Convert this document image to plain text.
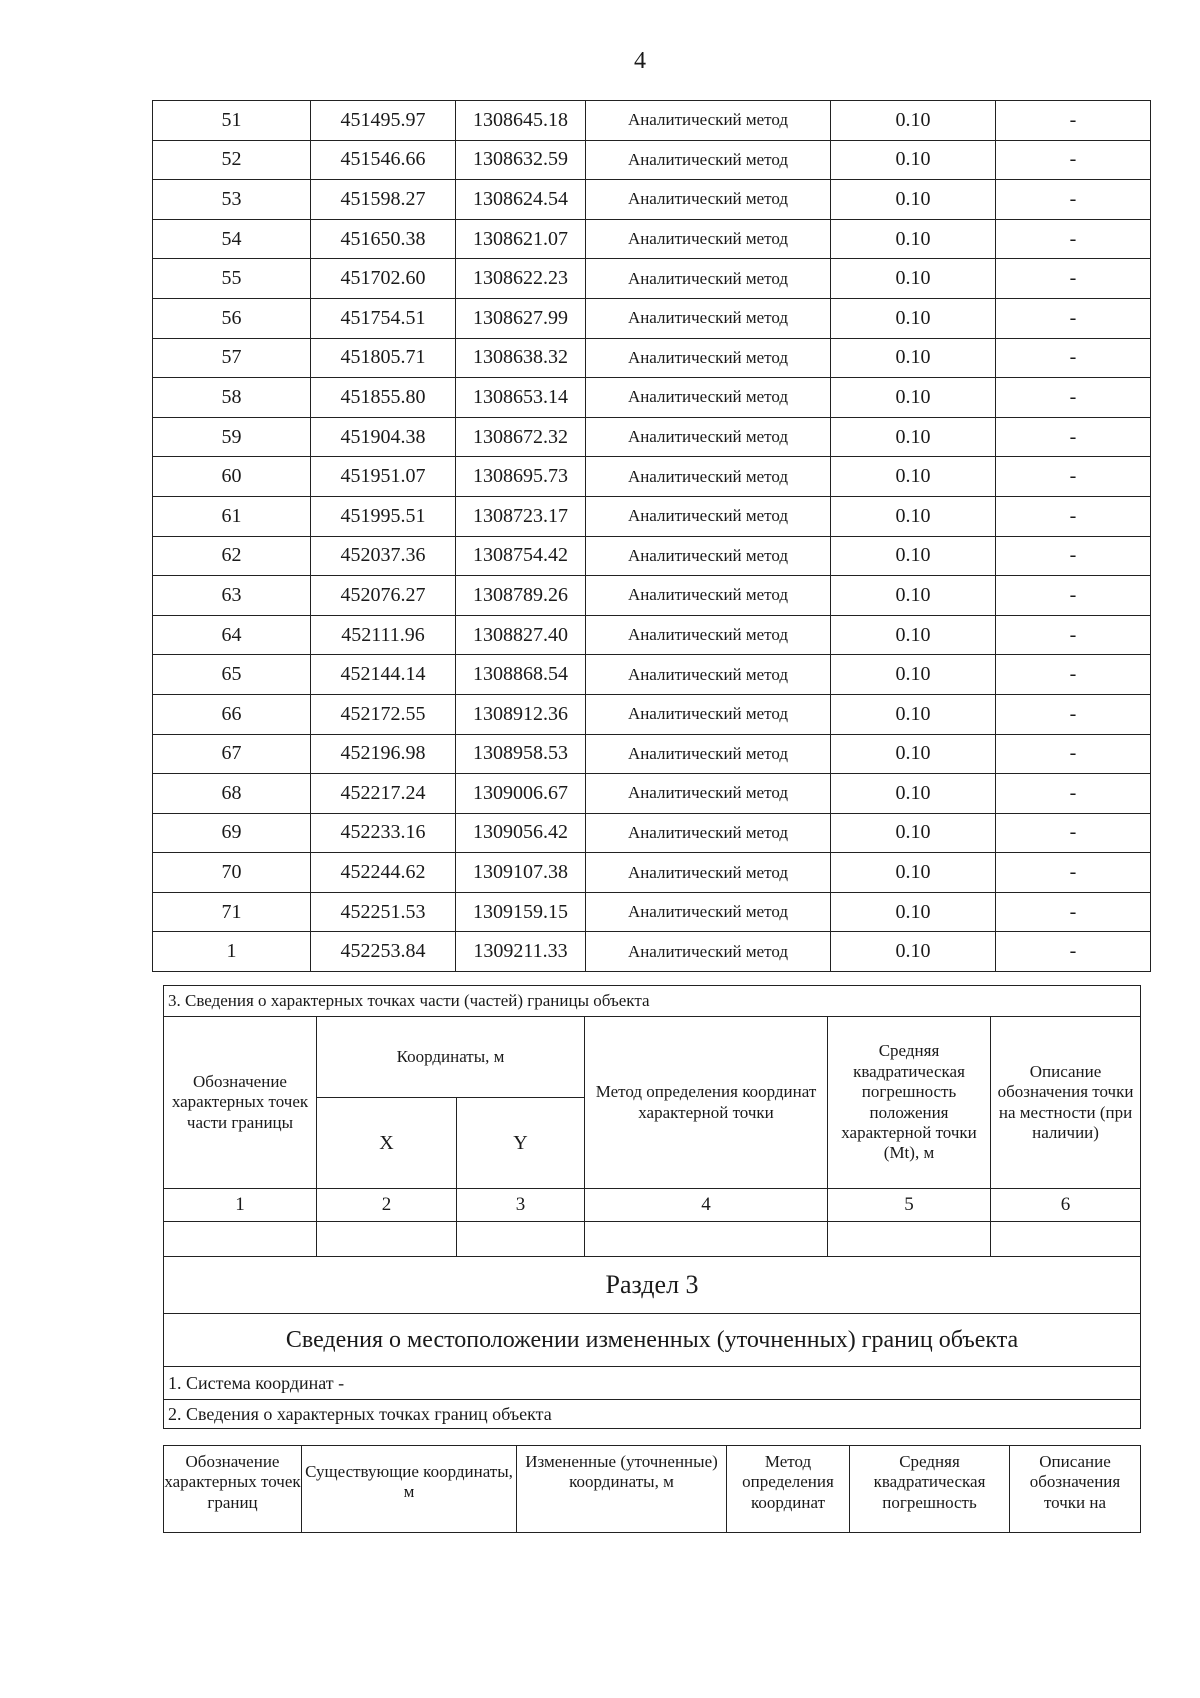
4
51	451495.97	1308645.18	Аналитический метод	0.10	-
52	451546.66	1308632.59	Аналитический метод	0.10	-
53	451598.27	1308624.54	Аналитический метод	0.10	-
54	451650.38	1308621.07	Аналитический метод	0.10	-
55	451702.60	1308622.23	Аналитический метод	0.10	-
56	451754.51	1308627.99	Аналитический метод	0.10	-
57	451805.71	1308638.32	Аналитический метод	0.10	-
58	451855.80	1308653.14	Аналитический метод	0.10	-
59	451904.38	1308672.32	Аналитический метод	0.10	-
60	451951.07	1308695.73	Аналитический метод	0.10	-
61	451995.51	1308723.17	Аналитический метод	0.10	-
62	452037.36	1308754.42	Аналитический метод	0.10	-
63	452076.27	1308789.26	Аналитический метод	0.10	-
64	452111.96	1308827.40	Аналитический метод	0.10	-
65	452144.14	1308868.54	Аналитический метод	0.10	-
66	452172.55	1308912.36	Аналитический метод	0.10	-
67	452196.98	1308958.53	Аналитический метод	0.10	-
68	452217.24	1309006.67	Аналитический метод	0.10	-
69	452233.16	1309056.42	Аналитический метод	0.10	-
70	452244.62	1309107.38	Аналитический метод	0.10	-
71	452251.53	1309159.15	Аналитический метод	0.10	-
1	452253.84	1309211.33	Аналитический метод	0.10	-
3. Сведения о характерных точках части (частей) границы объекта					
Обозначение характерных точек части границы	Координаты, м		Метод определения координат характерной точки	Средняя квадратическая погрешность положения характерной точки (Mt), м	Описание обозначения точки на местности (при наличии)
	X	Y			
1	2	3	4	5	6

Раздел 3					
Сведения о местоположении измененных (уточненных) границ объекта					
1. Система координат -					
2. Сведения о характерных точках границ объекта					
Обозначение характерных точек границ	Существующие координаты, м	Измененные (уточненные) координаты, м	Метод определения координат	Средняя квадратическая погрешность	Описание обозначения точки на
